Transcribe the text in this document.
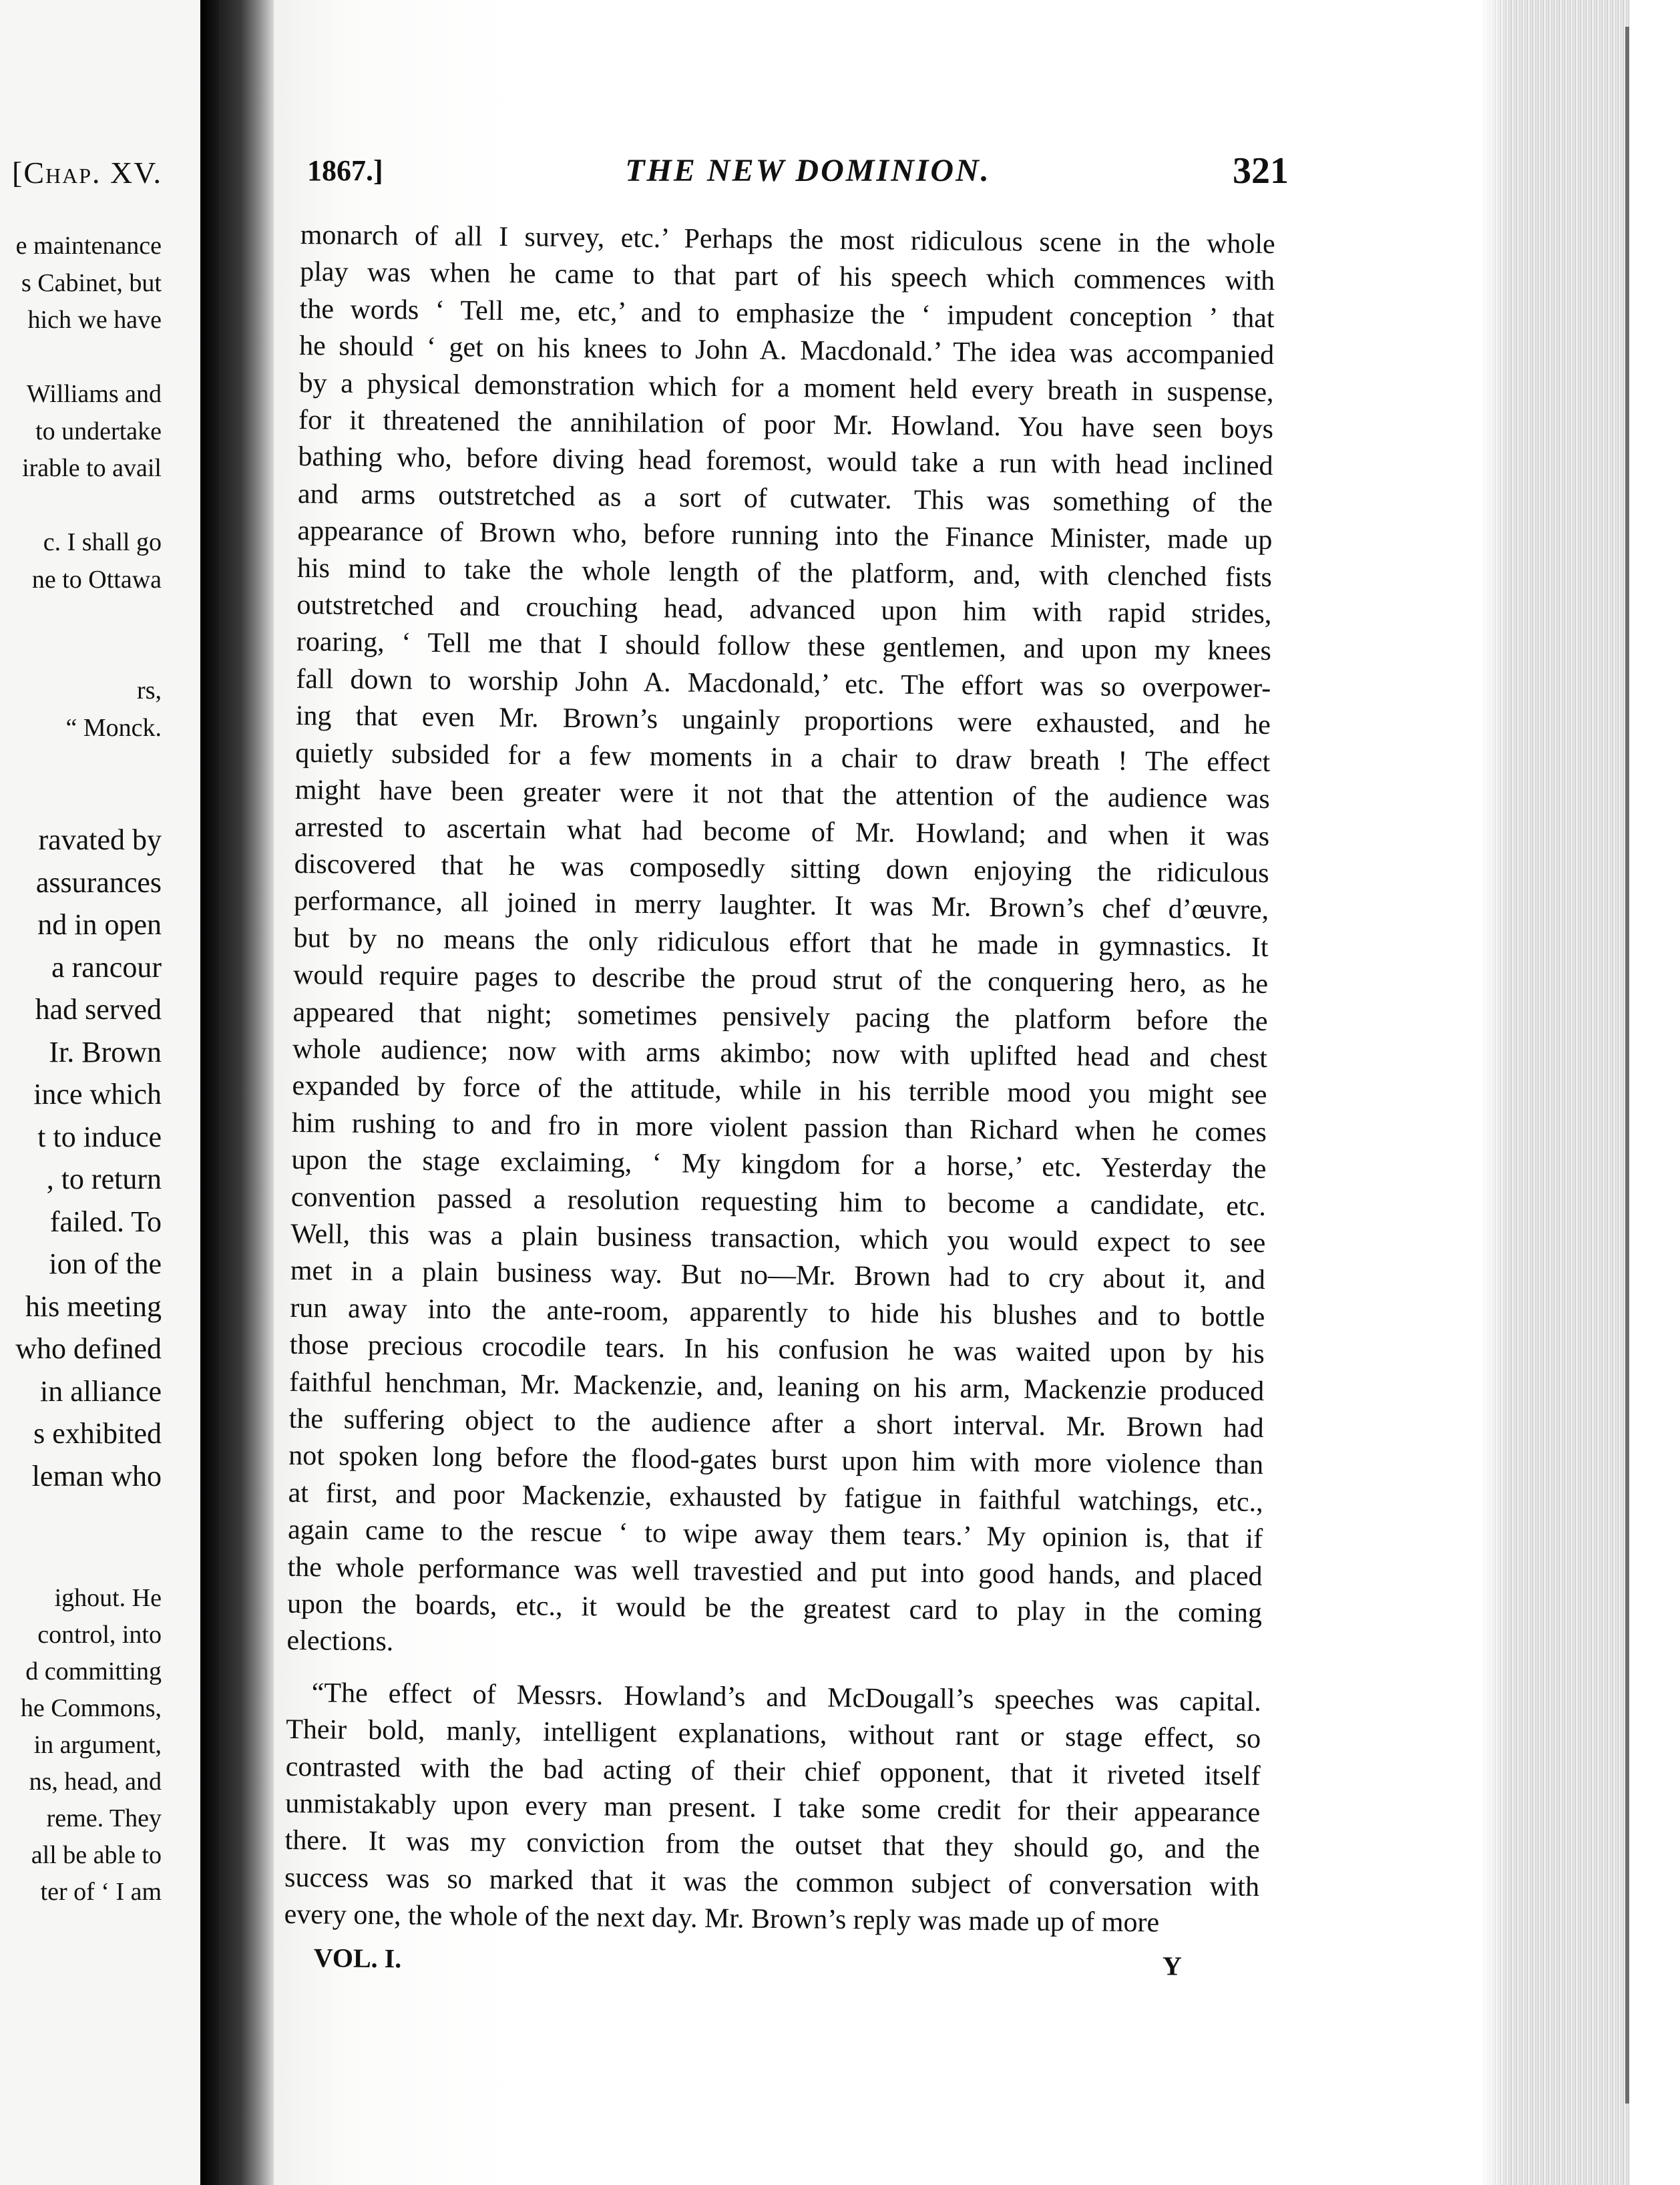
[Chap. XV.
e maintenance
s Cabinet, but
hich we have
Williams and
to undertake
irable to avail
c. I shall go
ne to Ottawa
rs,
“ Monck.
ravated by
assurances
nd in open
a rancour
had served
Ir. Brown
ince which
t to induce
, to return
failed. To
ion of the
his meeting
who defined
in alliance
s exhibited
leman who
ighout. He
control, into
d committing
he Commons,
in argument,
ns, head, and
reme. They
all be able to
ter of ‘ I am
1867.]	THE NEW DOMINION.	321
monarch of all I survey, etc.’ Perhaps the most ridiculous scene in the whole
play was when he came to that part of his speech which commences with
the words ‘ Tell me, etc,’ and to emphasize the ‘ impudent conception ’ that
he should ‘ get on his knees to John A. Macdonald.’ The idea was accompanied
by a physical demonstration which for a moment held every breath in suspense,
for it threatened the annihilation of poor Mr. Howland. You have seen boys
bathing who, before diving head foremost, would take a run with head inclined
and arms outstretched as a sort of cutwater. This was something of the
appearance of Brown who, before running into the Finance Minister, made up
his mind to take the whole length of the platform, and, with clenched fists
outstretched and crouching head, advanced upon him with rapid strides,
roaring, ‘ Tell me that I should follow these gentlemen, and upon my knees
fall down to worship John A. Macdonald,’ etc. The effort was so overpower-
ing that even Mr. Brown’s ungainly proportions were exhausted, and he
quietly subsided for a few moments in a chair to draw breath ! The effect
might have been greater were it not that the attention of the audience was
arrested to ascertain what had become of Mr. Howland; and when it was
discovered that he was composedly sitting down enjoying the ridiculous
performance, all joined in merry laughter. It was Mr. Brown’s chef d’œuvre,
but by no means the only ridiculous effort that he made in gymnastics. It
would require pages to describe the proud strut of the conquering hero, as he
appeared that night; sometimes pensively pacing the platform before the
whole audience; now with arms akimbo; now with uplifted head and chest
expanded by force of the attitude, while in his terrible mood you might see
him rushing to and fro in more violent passion than Richard when he comes
upon the stage exclaiming, ‘ My kingdom for a horse,’ etc. Yesterday the
convention passed a resolution requesting him to become a candidate, etc.
Well, this was a plain business transaction, which you would expect to see
met in a plain business way. But no—Mr. Brown had to cry about it, and
run away into the ante-room, apparently to hide his blushes and to bottle
those precious crocodile tears. In his confusion he was waited upon by his
faithful henchman, Mr. Mackenzie, and, leaning on his arm, Mackenzie produced
the suffering object to the audience after a short interval. Mr. Brown had
not spoken long before the flood-gates burst upon him with more violence than
at first, and poor Mackenzie, exhausted by fatigue in faithful watchings, etc.,
again came to the rescue ‘ to wipe away them tears.’ My opinion is, that if
the whole performance was well travestied and put into good hands, and placed
upon the boards, etc., it would be the greatest card to play in the coming
elections.
“The effect of Messrs. Howland’s and McDougall’s speeches was capital.
Their bold, manly, intelligent explanations, without rant or stage effect, so
contrasted with the bad acting of their chief opponent, that it riveted itself
unmistakably upon every man present. I take some credit for their appearance
there. It was my conviction from the outset that they should go, and the
success was so marked that it was the common subject of conversation with
every one, the whole of the next day. Mr. Brown’s reply was made up of more
VOL. I.	Y
